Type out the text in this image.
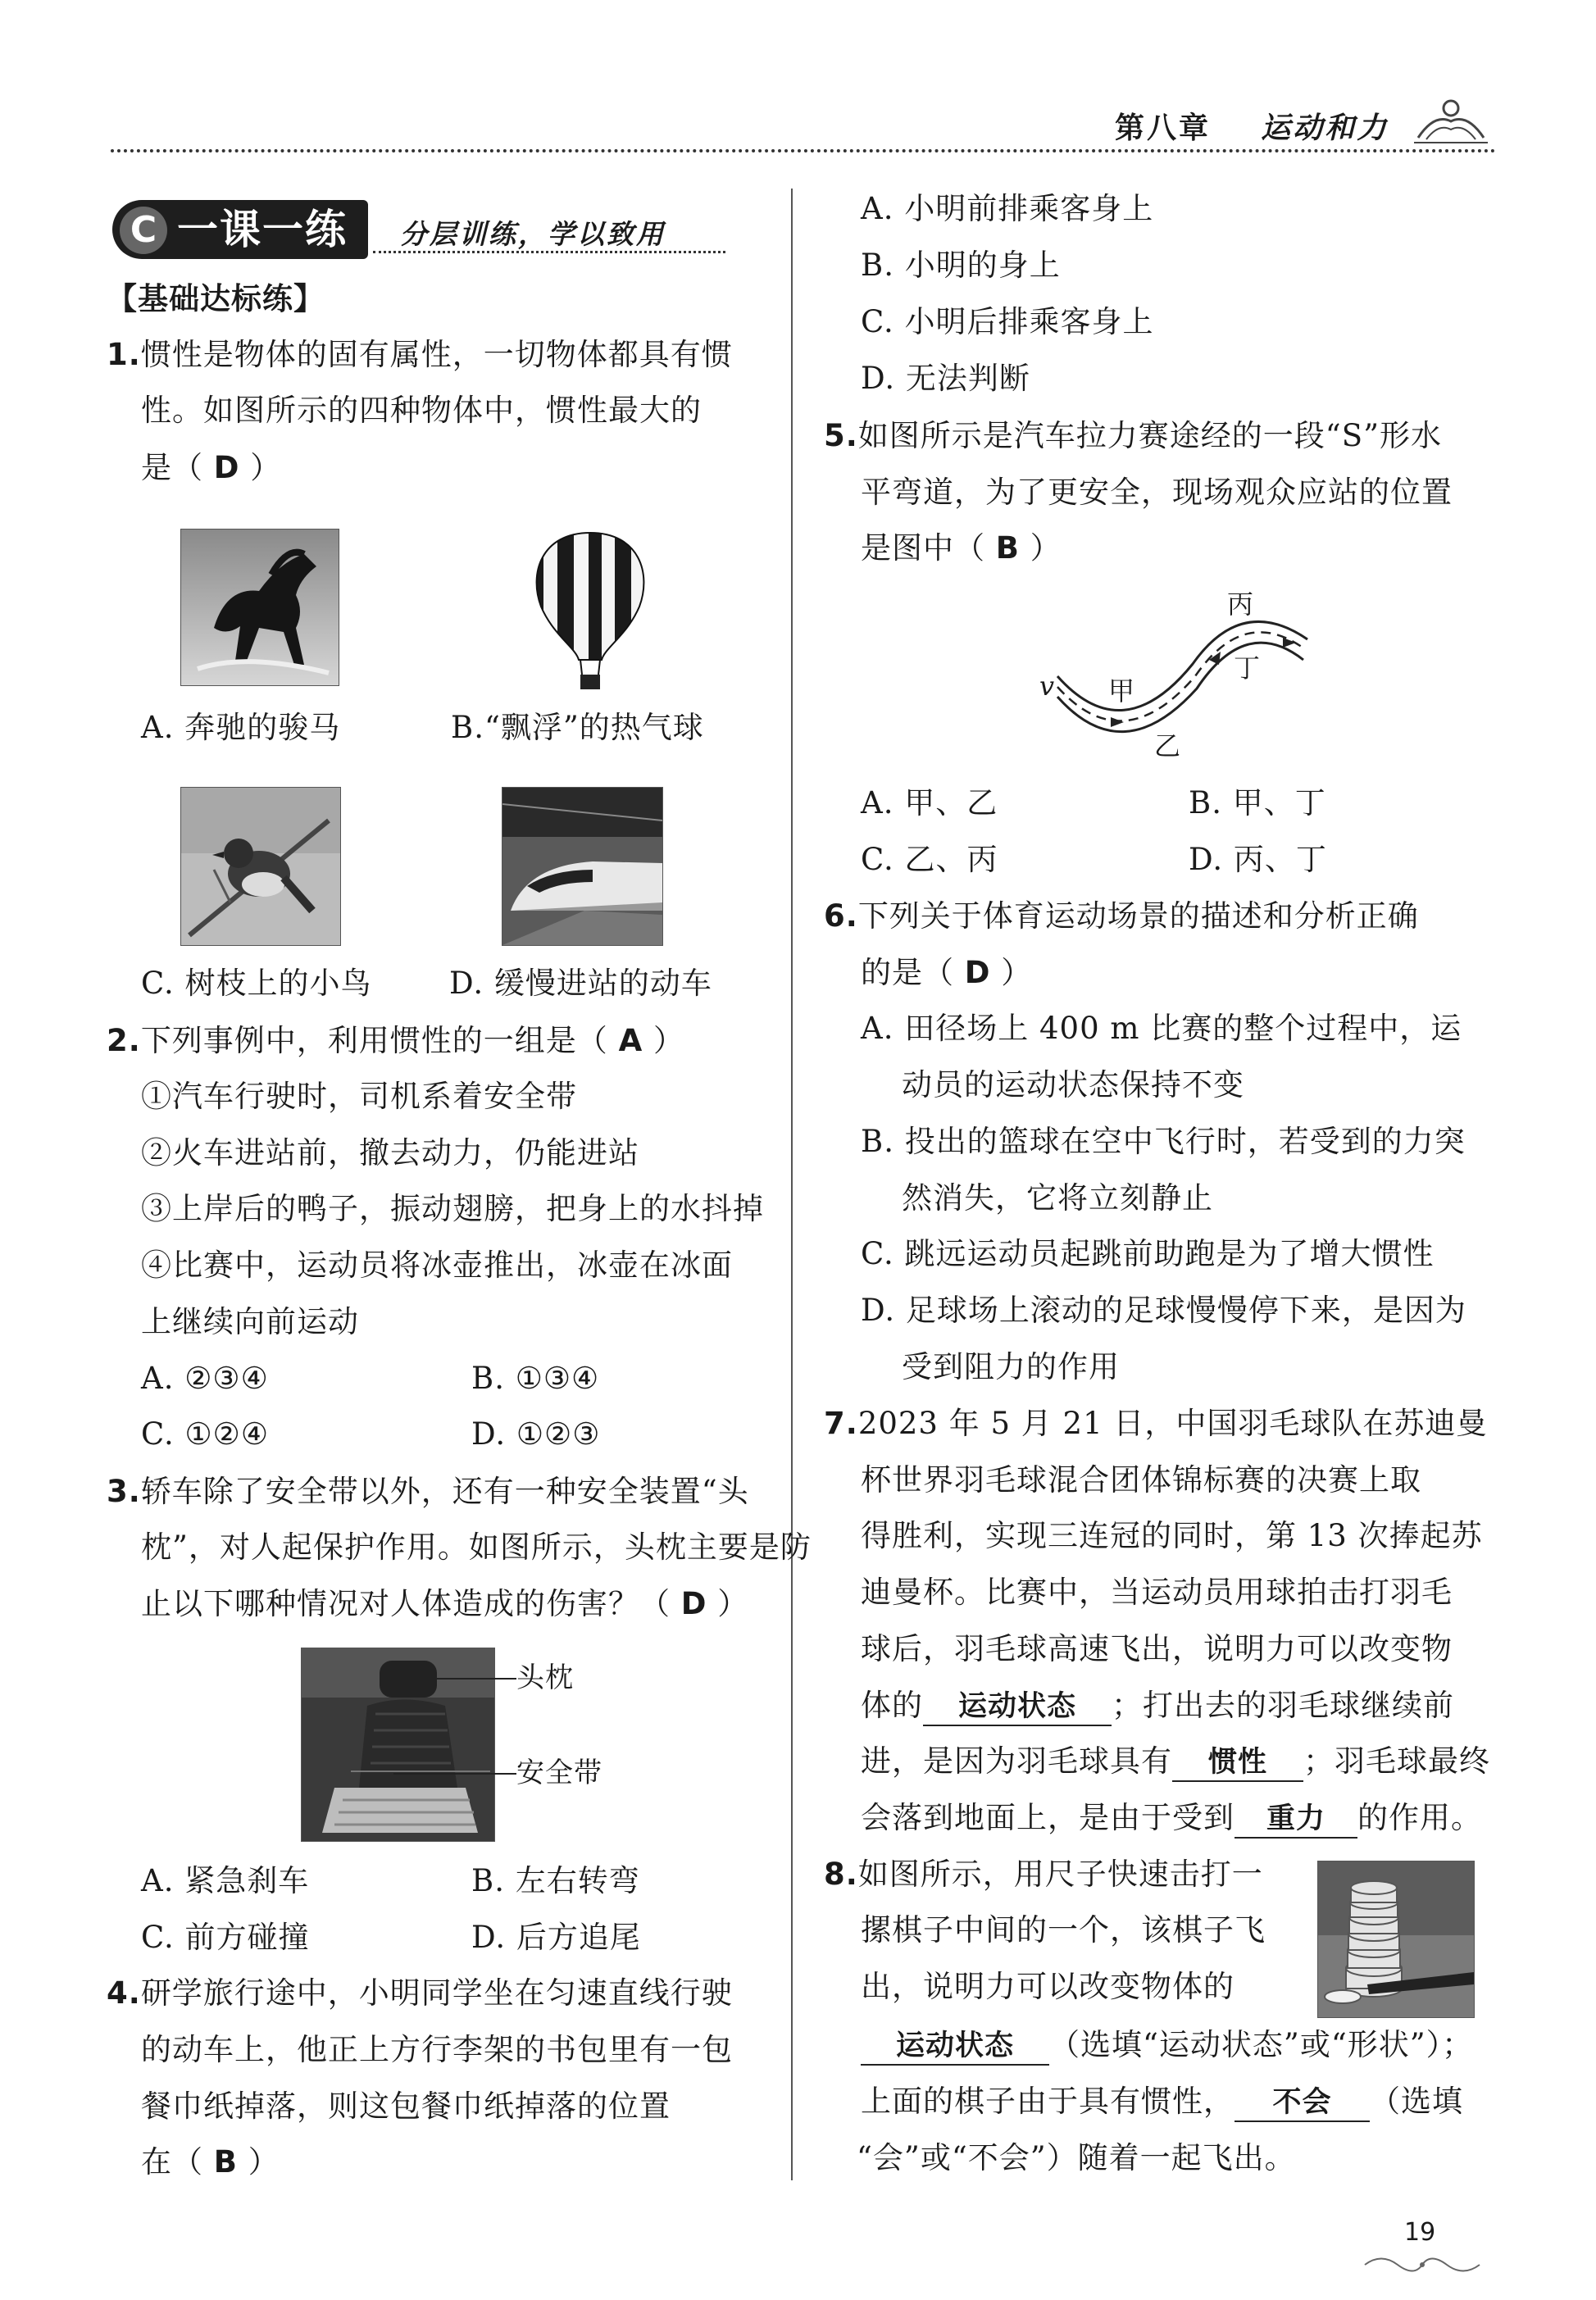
第八章 运动和力
C 一课一练 分层训练，学以致用
【基础达标练】
1.惯性是物体的固有属性，一切物体都具有惯
性。如图所示的四种物体中，惯性最大的
是（ D ）
A. 奔驰的骏马	B.“飘浮”的热气球
C. 树枝上的小鸟	D. 缓慢进站的动车
2.下列事例中，利用惯性的一组是（ A ）
①汽车行驶时，司机系着安全带
②火车进站前，撤去动力，仍能进站
③上岸后的鸭子，振动翅膀，把身上的水抖掉
④比赛中，运动员将冰壶推出，冰壶在冰面
上继续向前运动
A. ②③④	B. ①③④
C. ①②④	D. ①②③
3.轿车除了安全带以外，还有一种安全装置“头
枕”，对人起保护作用。如图所示，头枕主要是防
止以下哪种情况对人体造成的伤害？（ D ）
头枕
安全带
A. 紧急刹车	B. 左右转弯
C. 前方碰撞	D. 后方追尾
4.研学旅行途中，小明同学坐在匀速直线行驶
的动车上，他正上方行李架的书包里有一包
餐巾纸掉落，则这包餐巾纸掉落的位置
在（ B ）
A. 小明前排乘客身上
B. 小明的身上
C. 小明后排乘客身上
D. 无法判断
5.如图所示是汽车拉力赛途经的一段“S”形水
平弯道，为了更安全，现场观众应站的位置
是图中（ B ）
v 甲
乙
丙
丁
A. 甲、乙	B. 甲、丁
C. 乙、丙	D. 丙、丁
6.下列关于体育运动场景的描述和分析正确
的是（ D ）
A. 田径场上 400 m 比赛的整个过程中，运
动员的运动状态保持不变
B. 投出的篮球在空中飞行时，若受到的力突
然消失，它将立刻静止
C. 跳远运动员起跳前助跑是为了增大惯性
D. 足球场上滚动的足球慢慢停下来，是因为
受到阻力的作用
7.2023 年 5 月 21 日，中国羽毛球队在苏迪曼
杯世界羽毛球混合团体锦标赛的决赛上取
得胜利，实现三连冠的同时，第 13 次捧起苏
迪曼杯。比赛中，当运动员用球拍击打羽毛
球后，羽毛球高速飞出，说明力可以改变物
体的 运动状态 ；打出去的羽毛球继续前
进，是因为羽毛球具有 惯性 ；羽毛球最终
会落到地面上，是由于受到 重力 的作用。
8.如图所示，用尺子快速击打一
摞棋子中间的一个，该棋子飞
出，说明力可以改变物体的
运动状态 （选填“运动状态”或“形状”）；
上面的棋子由于具有惯性， 不会 （选填
“会”或“不会”）随着一起飞出。
19
